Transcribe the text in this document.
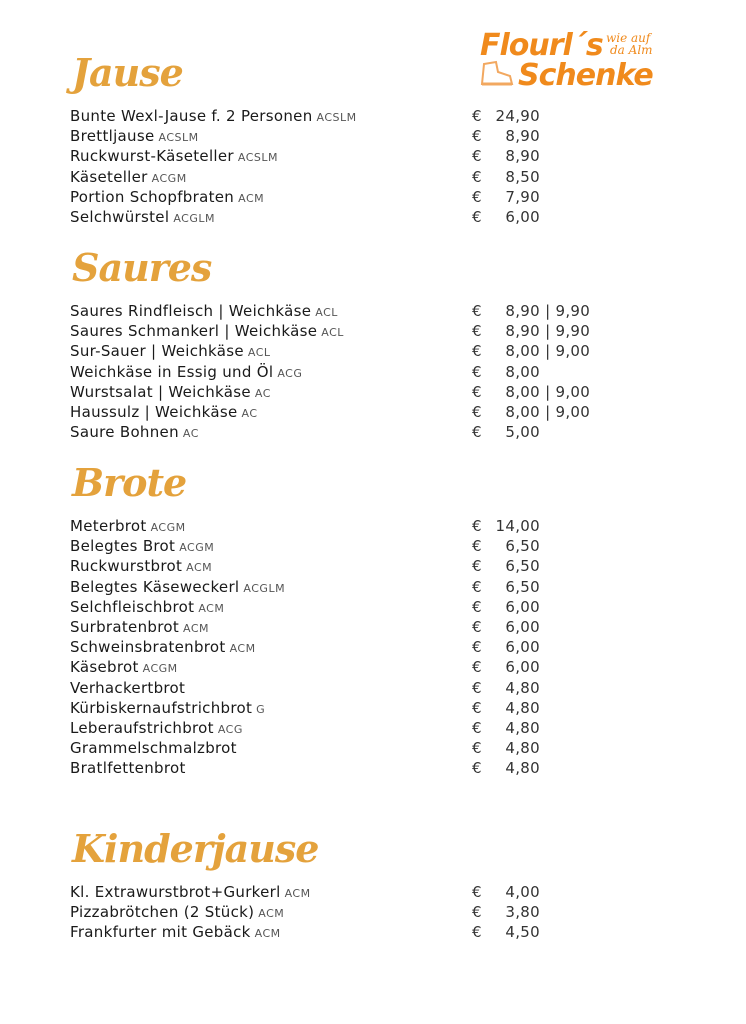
Flourl´s
Schenke
wie auf
da Alm
Jause
Bunte Wexl-Jause f. 2 Personen ACSLM	€ 24,90
Brettljause ACSLM	€	8,90
Ruckwurst-Käseteller ACSLM	€	8,90
Käseteller ACGM	€	8,50
Portion Schopfbraten ACM	€	7,90
Selchwürstel ACGLM	€	6,00
Saures
Saures Rindfleisch | Weichkäse ACL	€	8,90 | 9,90
Saures Schmankerl | Weichkäse ACL	€	8,90 | 9,90
Sur-Sauer | Weichkäse ACL	€	8,00 | 9,00
Weichkäse in Essig und Öl ACG	€	8,00
Wurstsalat | Weichkäse AC	€	8,00 | 9,00
Haussulz | Weichkäse AC	€	8,00 | 9,00
Saure Bohnen AC	€	5,00
Brote
Meterbrot ACGM	€ 14,00
Belegtes Brot ACGM	€	6,50
Ruckwurstbrot ACM	€	6,50
Belegtes Käseweckerl ACGLM	€	6,50
Selchfleischbrot ACM	€	6,00
Surbratenbrot ACM	€	6,00
Schweinsbratenbrot ACM	€	6,00
Käsebrot ACGM	€	6,00
Verhackertbrot	€	4,80
Kürbiskernaufstrichbrot G	€	4,80
Leberaufstrichbrot ACG	€	4,80
Grammelschmalzbrot	€	4,80
Bratlfettenbrot	€	4,80
Kinderjause
Kl. Extrawurstbrot+Gurkerl ACM	€	4,00
Pizzabrötchen (2 Stück) ACM	€	3,80
Frankfurter mit Gebäck ACM	€	4,50
